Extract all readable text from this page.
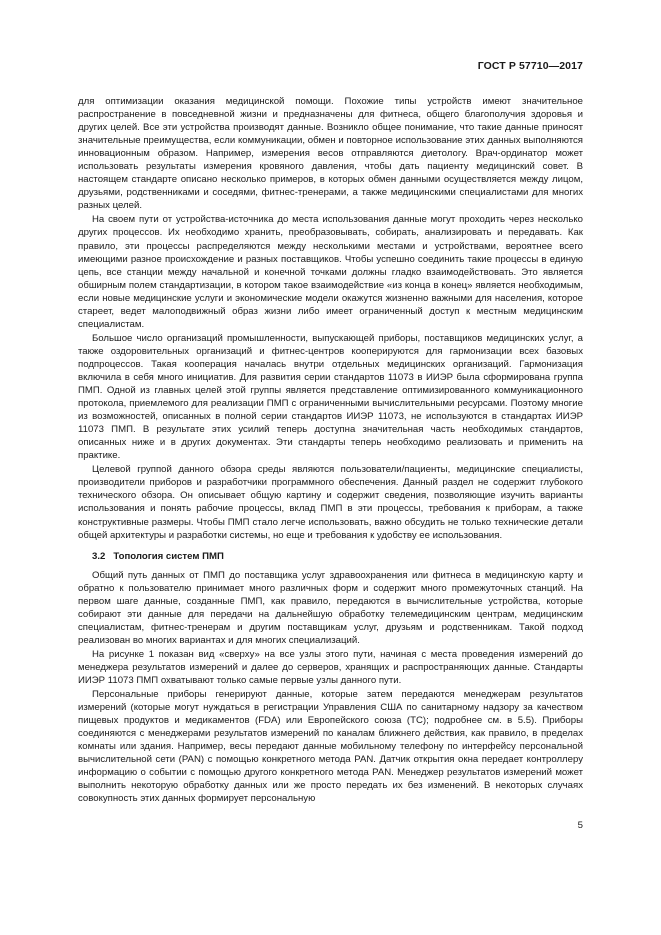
ГОСТ Р 57710—2017

для оптимизации оказания медицинской помощи. Похожие типы устройств имеют значительное распространение в повседневной жизни и предназначены для фитнеса, общего благополучия здоровья и других целей. Все эти устройства производят данные. Возникло общее понимание, что такие данные приносят значительные преимущества, если коммуникации, обмен и повторное использование этих данных выполняются инновационным образом. Например, измерения весов отправляются диетологу. Врач-ординатор может использовать результаты измерения кровяного давления, чтобы дать пациенту медицинский совет. В настоящем стандарте описано несколько примеров, в которых обмен данными осуществляется между лицом, друзьями, родственниками и соседями, фитнес-тренерами, а также медицинскими специалистами для многих разных целей.

На своем пути от устройства-источника до места использования данные могут проходить через несколько других процессов. Их необходимо хранить, преобразовывать, собирать, анализировать и передавать. Как правило, эти процессы распределяются между несколькими местами и устройствами, вероятнее всего имеющими разное происхождение и разных поставщиков. Чтобы успешно соединить такие процессы в единую цепь, все станции между начальной и конечной точками должны гладко взаимодействовать. Это является обширным полем стандартизации, в котором такое взаимодействие «из конца в конец» является необходимым, если новые медицинские услуги и экономические модели окажутся жизненно важными для населения, которое стареет, ведет малоподвижный образ жизни либо имеет ограниченный доступ к местным медицинским специалистам.

Большое число организаций промышленности, выпускающей приборы, поставщиков медицинских услуг, а также оздоровительных организаций и фитнес-центров кооперируются для гармонизации всех базовых подпроцессов. Такая кооперация началась внутри отдельных медицинских организаций. Гармонизация включила в себя много инициатив. Для развития серии стандартов 11073 в ИИЭР была сформирована группа ПМП. Одной из главных целей этой группы является представление оптимизированного коммуникационного протокола, приемлемого для реализации ПМП с ограниченными вычислительными ресурсами. Поэтому многие из возможностей, описанных в полной серии стандартов ИИЭР 11073, не используются в стандартах ИИЭР 11073 ПМП. В результате этих усилий теперь доступна значительная часть необходимых стандартов, описанных ниже и в других документах. Эти стандарты теперь необходимо реализовать и применить на практике.

Целевой группой данного обзора среды являются пользователи/пациенты, медицинские специалисты, производители приборов и разработчики программного обеспечения. Данный раздел не содержит глубокого технического обзора. Он описывает общую картину и содержит сведения, позволяющие изучить варианты использования и понять рабочие процессы, вклад ПМП в эти процессы, требования к приборам, а также конструктивные размеры. Чтобы ПМП стало легче использовать, важно обсудить не только технические детали общей архитектуры и разработки системы, но еще и требования к удобству ее использования.

3.2 Топология систем ПМП

Общий путь данных от ПМП до поставщика услуг здравоохранения или фитнеса в медицинскую карту и обратно к пользователю принимает много различных форм и содержит много промежуточных станций. На первом шаге данные, созданные ПМП, как правило, передаются в вычислительные устройства, которые собирают эти данные для передачи на дальнейшую обработку телемедицинским центрам, медицинским специалистам, фитнес-тренерам и другим поставщикам услуг, друзьям и родственникам. Такой подход реализован во многих вариантах и для многих специализаций.

На рисунке 1 показан вид «сверху» на все узлы этого пути, начиная с места проведения измерений до менеджера результатов измерений и далее до серверов, хранящих и распространяющих данные. Стандарты ИИЭР 11073 ПМП охватывают только самые первые узлы данного пути.

Персональные приборы генерируют данные, которые затем передаются менеджерам результатов измерений (которые могут нуждаться в регистрации Управления США по санитарному надзору за качеством пищевых продуктов и медикаментов (FDA) или Европейского союза (ТС); подробнее см. в 5.5). Приборы соединяются с менеджерами результатов измерений по каналам ближнего действия, как правило, в пределах комнаты или здания. Например, весы передают данные мобильному телефону по интерфейсу персональной вычислительной сети (PAN) с помощью конкретного метода PAN. Датчик открытия окна передает контроллеру информацию о событии с помощью другого конкретного метода PAN. Менеджер результатов измерений может выполнить некоторую обработку данных или же просто передать их без изменений. В некоторых случаях совокупность этих данных формирует персональную

5
